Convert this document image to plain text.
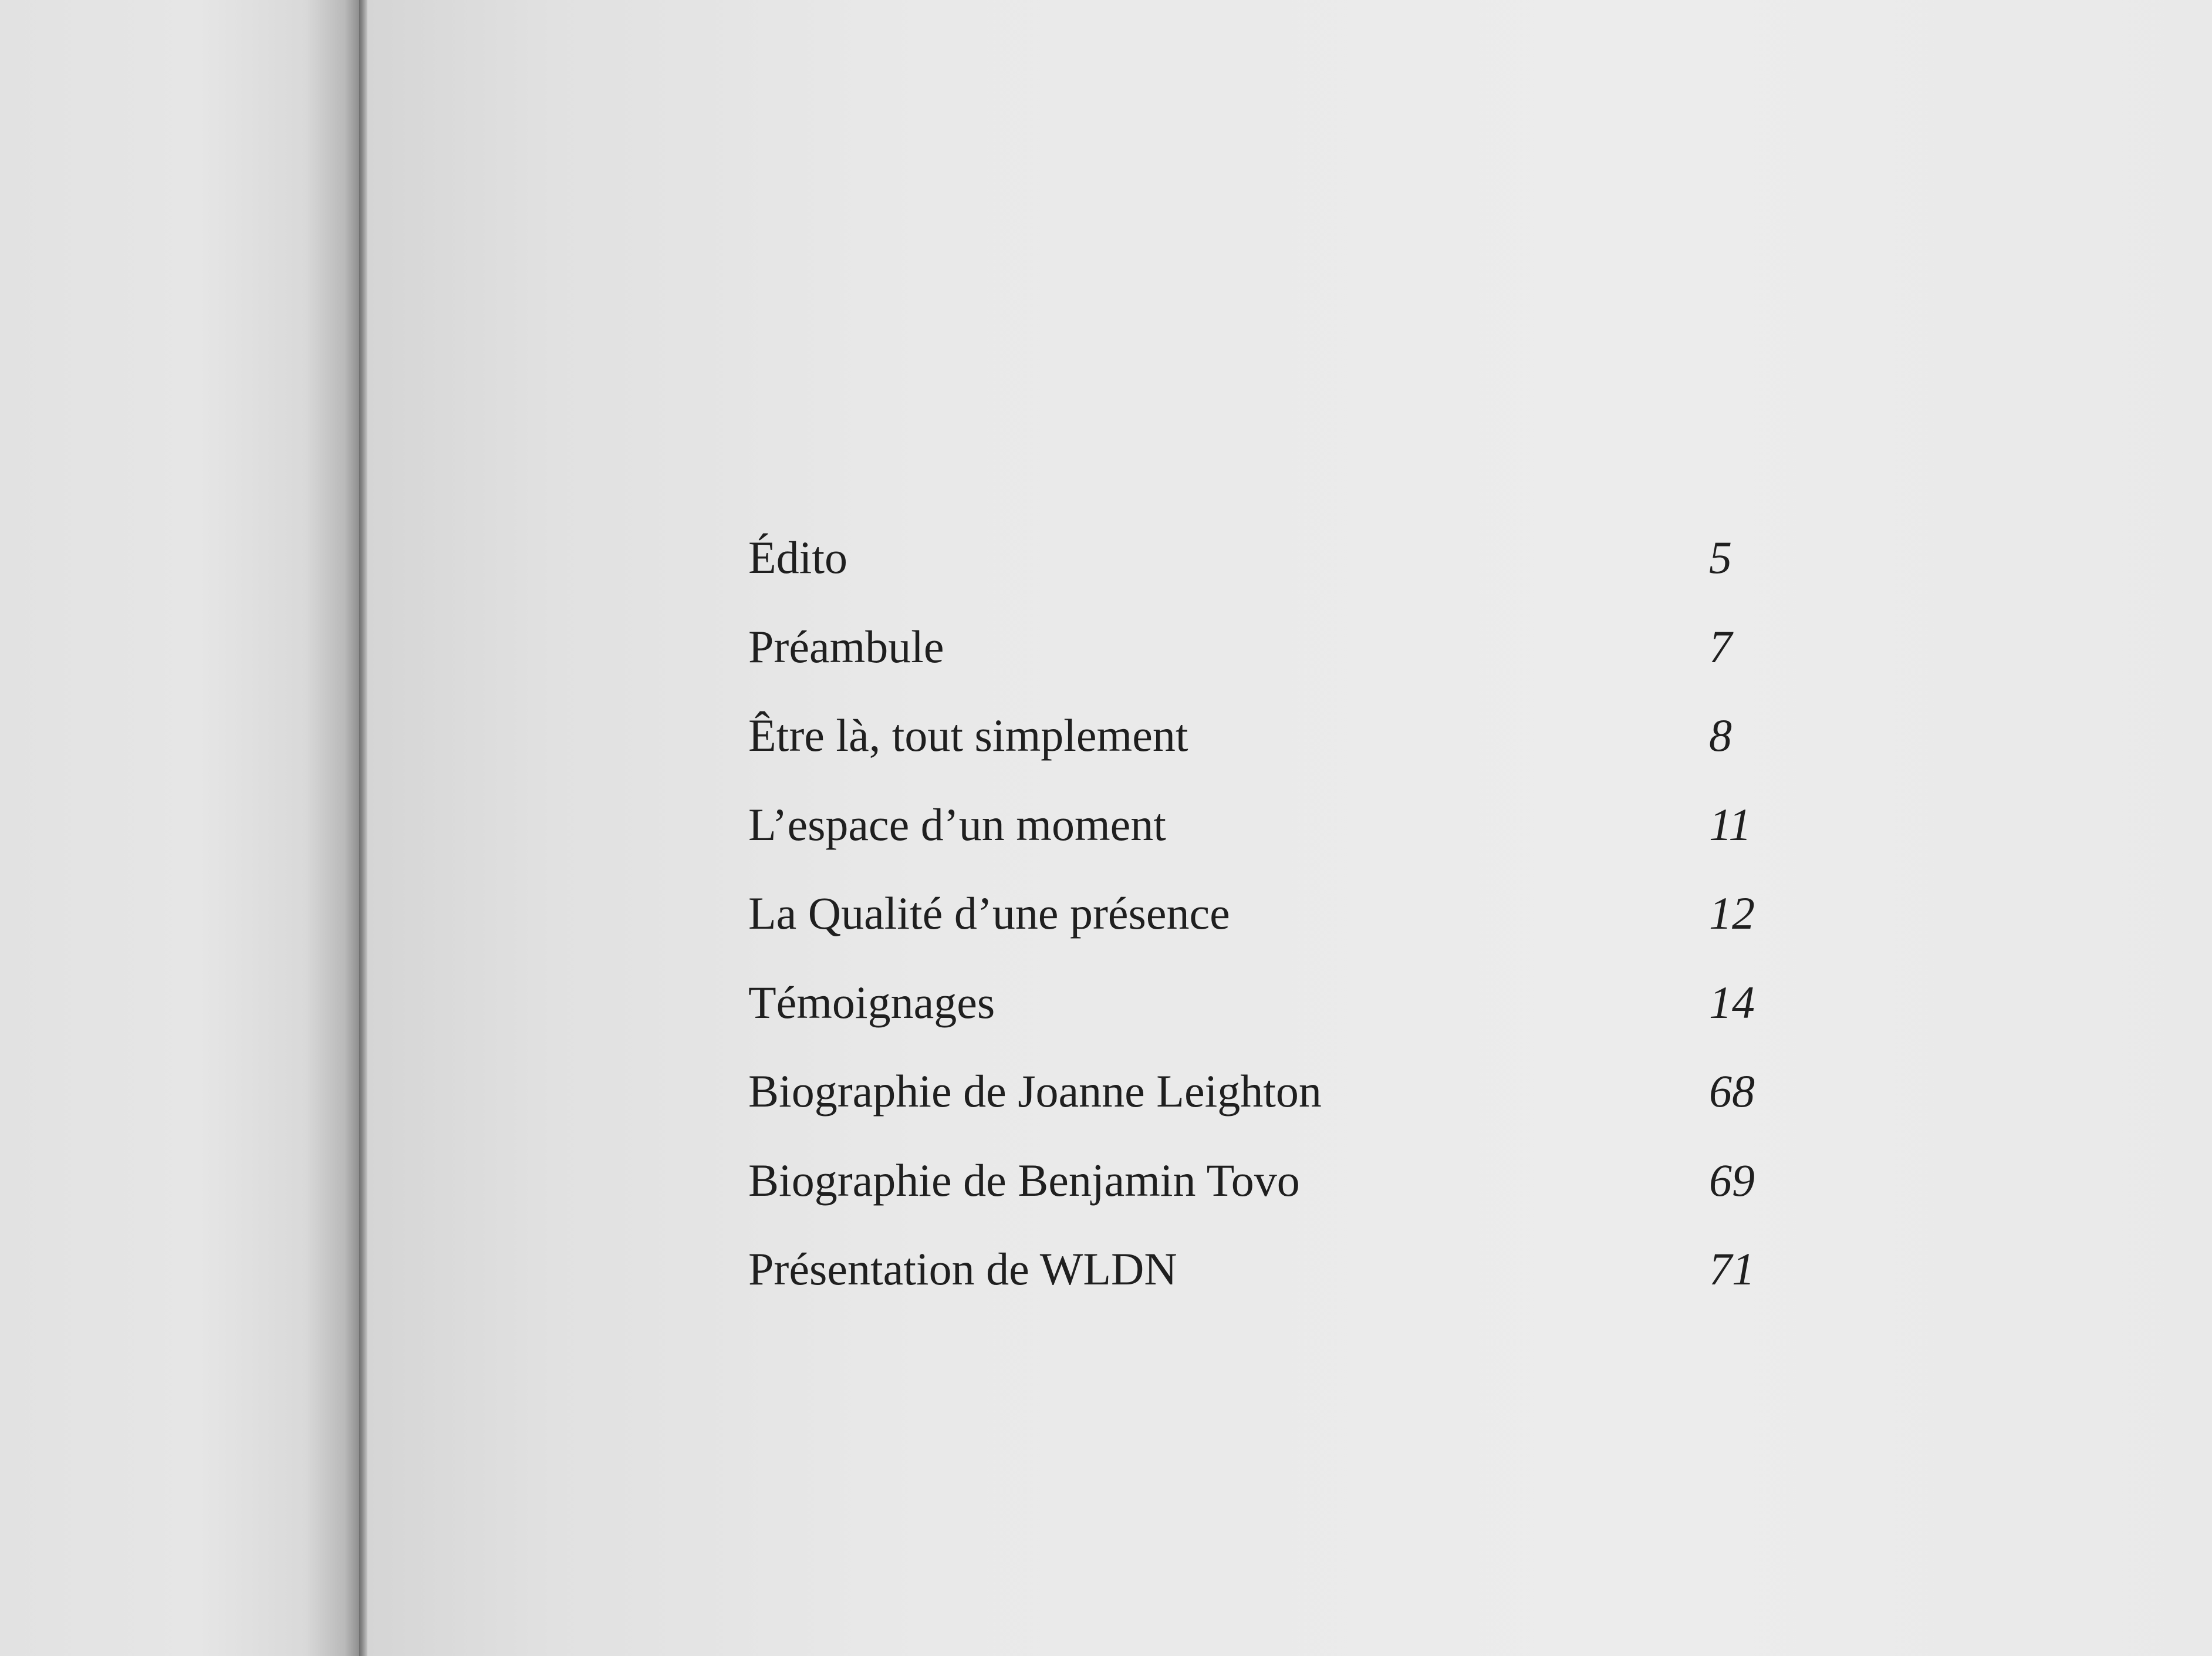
Édito	5
Préambule	7
Être là, tout simplement	8
L’espace d’un moment	11
La Qualité d’une présence	12
Témoignages	14
Biographie de Joanne Leighton	68
Biographie de Benjamin Tovo	69
Présentation de WLDN	71
